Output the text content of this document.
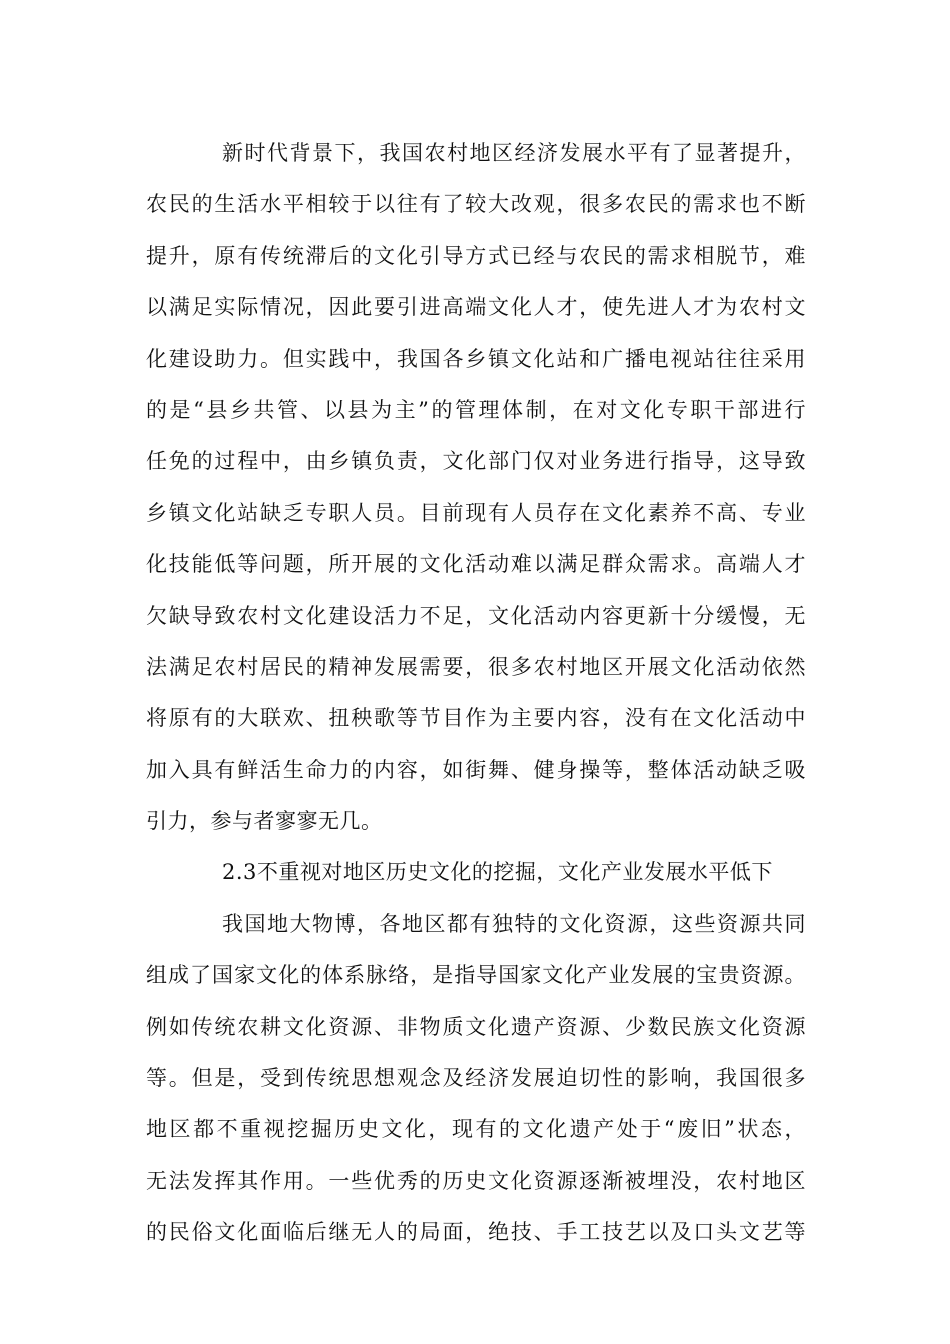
新时代背景下，我国农村地区经济发展水平有了显著提升，
农民的生活水平相较于以往有了较大改观，很多农民的需求也不断
提升，原有传统滞后的文化引导方式已经与农民的需求相脱节，难
以满足实际情况，因此要引进高端文化人才，使先进人才为农村文
化建设助力。但实践中，我国各乡镇文化站和广播电视站往往采用
的是“县乡共管、以县为主”的管理体制，在对文化专职干部进行
任免的过程中，由乡镇负责，文化部门仅对业务进行指导，这导致
乡镇文化站缺乏专职人员。目前现有人员存在文化素养不高、专业
化技能低等问题，所开展的文化活动难以满足群众需求。高端人才
欠缺导致农村文化建设活力不足，文化活动内容更新十分缓慢，无
法满足农村居民的精神发展需要，很多农村地区开展文化活动依然
将原有的大联欢、扭秧歌等节目作为主要内容，没有在文化活动中
加入具有鲜活生命力的内容，如街舞、健身操等，整体活动缺乏吸
引力，参与者寥寥无几。
2.3不重视对地区历史文化的挖掘，文化产业发展水平低下
我国地大物博，各地区都有独特的文化资源，这些资源共同
组成了国家文化的体系脉络，是指导国家文化产业发展的宝贵资源。
例如传统农耕文化资源、非物质文化遗产资源、少数民族文化资源
等。但是，受到传统思想观念及经济发展迫切性的影响，我国很多
地区都不重视挖掘历史文化，现有的文化遗产处于“废旧”状态，
无法发挥其作用。一些优秀的历史文化资源逐渐被埋没，农村地区
的民俗文化面临后继无人的局面，绝技、手工技艺以及口头文艺等
